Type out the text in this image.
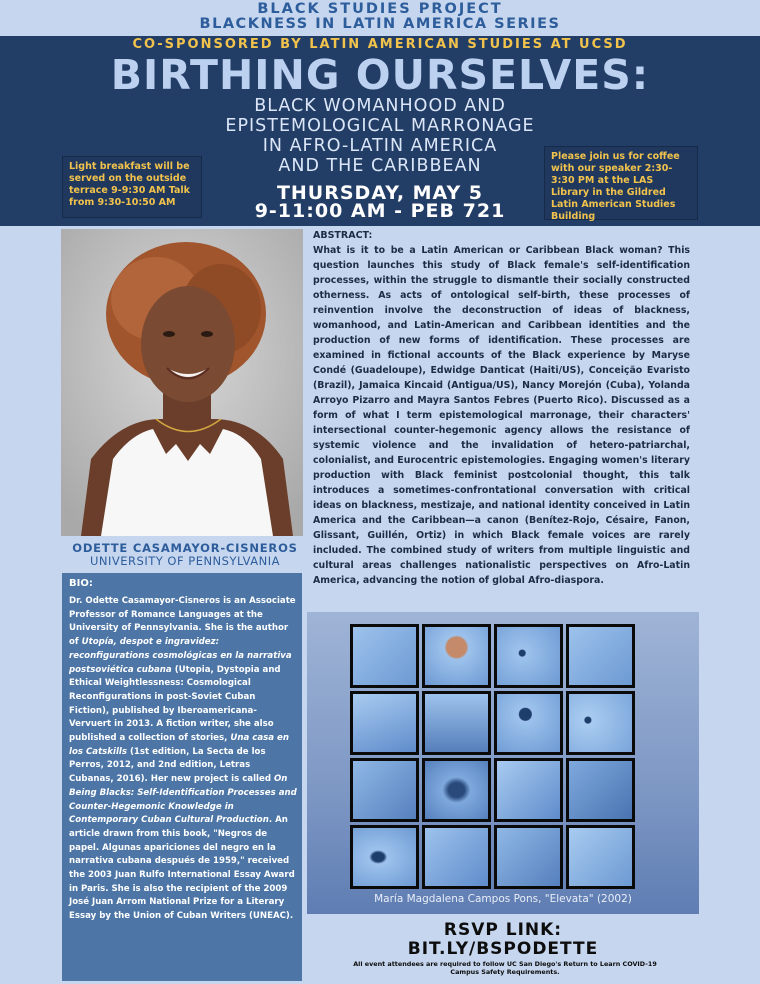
BLACK STUDIES PROJECT
BLACKNESS IN LATIN AMERICA SERIES
CO-SPONSORED BY LATIN AMERICAN STUDIES AT UCSD
BIRTHING OURSELVES:
BLACK WOMANHOOD AND
EPISTEMOLOGICAL MARRONAGE
IN AFRO-LATIN AMERICA
AND THE CARIBBEAN
Light breakfast will be served on the outside terrace 9-9:30 AM Talk from 9:30-10:50 AM
Please join us for coffee with our speaker 2:30-3:30 PM at the LAS Library in the Gildred Latin American Studies Building
THURSDAY, MAY 5
9-11:00 AM - PEB 721
ODETTE CASAMAYOR-CISNEROS
UNIVERSITY OF PENNSYLVANIA
ABSTRACT:
What is it to be a Latin American or Caribbean Black woman? This question launches this study of Black female's self-identification processes, within the struggle to dismantle their socially constructed otherness. As acts of ontological self-birth, these processes of reinvention involve the deconstruction of ideas of blackness, womanhood, and Latin-American and Caribbean identities and the production of new forms of identification. These processes are examined in fictional accounts of the Black experience by Maryse Condé (Guadeloupe), Edwidge Danticat (Haiti/US), Conceição Evaristo (Brazil), Jamaica Kincaid (Antigua/US), Nancy Morejón (Cuba), Yolanda Arroyo Pizarro and Mayra Santos Febres (Puerto Rico). Discussed as a form of what I term epistemological marronage, their characters' intersectional counter-hegemonic agency allows the resistance of systemic violence and the invalidation of hetero-patriarchal, colonialist, and Eurocentric epistemologies. Engaging women's literary production with Black feminist postcolonial thought, this talk introduces a sometimes-confrontational conversation with critical ideas on blackness, mestizaje, and national identity conceived in Latin America and the Caribbean—a canon (Benítez-Rojo, Césaire, Fanon, Glissant, Guillén, Ortiz) in which Black female voices are rarely included. The combined study of writers from multiple linguistic and cultural areas challenges nationalistic perspectives on Afro-Latin America, advancing the notion of global Afro-diaspora.
BIO:
Dr. Odette Casamayor-Cisneros is an Associate Professor of Romance Languages at the University of Pennsylvania. She is the author of Utopía, despot e ingravidez: reconfigurations cosmológicas en la narrativa postsoviética cubana (Utopia, Dystopia and Ethical Weightlessness: Cosmological Reconfigurations in post-Soviet Cuban Fiction), published by Iberoamericana-Vervuert in 2013. A fiction writer, she also published a collection of stories, Una casa en los Catskills (1st edition, La Secta de los Perros, 2012, and 2nd edition, Letras Cubanas, 2016). Her new project is called On Being Blacks: Self-Identification Processes and Counter-Hegemonic Knowledge in Contemporary Cuban Cultural Production. An article drawn from this book, "Negros de papel. Algunas apariciones del negro en la narrativa cubana después de 1959," received the 2003 Juan Rulfo International Essay Award in Paris. She is also the recipient of the 2009 José Juan Arrom National Prize for a Literary Essay by the Union of Cuban Writers (UNEAC).
María Magdalena Campos Pons, "Elevata" (2002)
RSVP LINK:
BIT.LY/BSPODETTE
All event attendees are required to follow UC San Diego's Return to Learn COVID-19 Campus Safety Requirements.
